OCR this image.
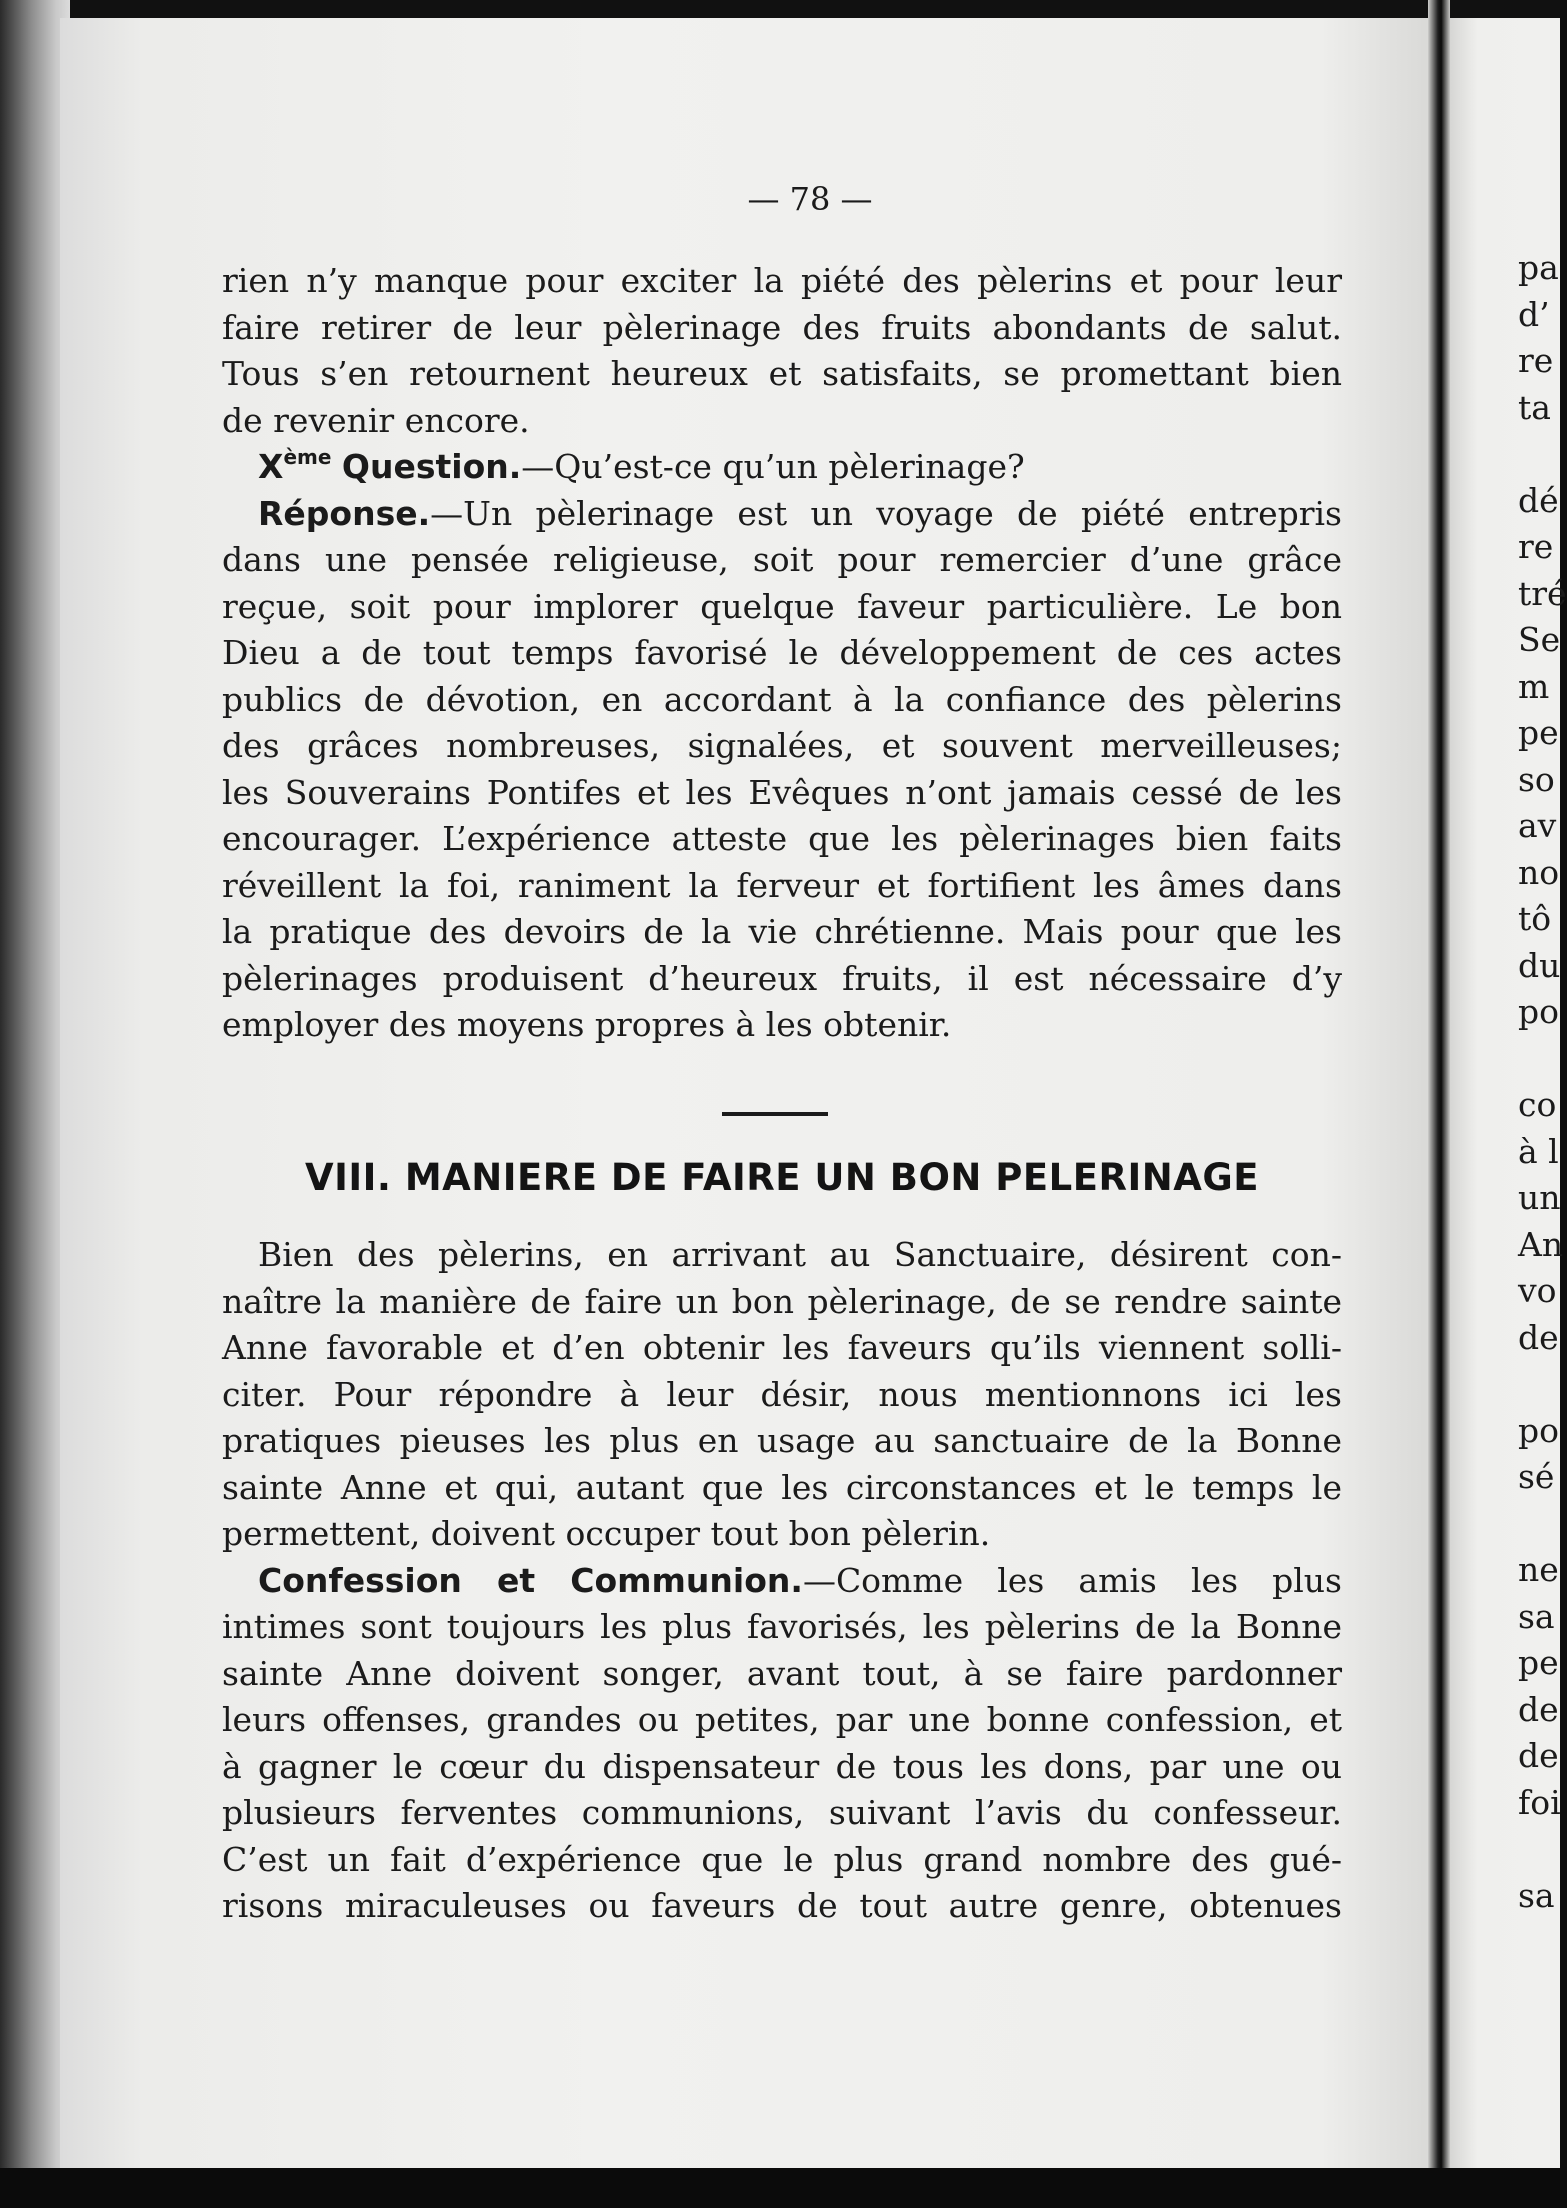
— 78 —
rien n’y manque pour exciter la piété des pèlerins et pour leur
faire retirer de leur pèlerinage des fruits abondants de salut.
Tous s’en retournent heureux et satisfaits, se promettant bien
de revenir encore.
Xème Question.—Qu’est-ce qu’un pèlerinage?
Réponse.—Un pèlerinage est un voyage de piété entrepris
dans une pensée religieuse, soit pour remercier d’une grâce
reçue, soit pour implorer quelque faveur particulière. Le bon
Dieu a de tout temps favorisé le développement de ces actes
publics de dévotion, en accordant à la confiance des pèlerins
des grâces nombreuses, signalées, et souvent merveilleuses;
les Souverains Pontifes et les Evêques n’ont jamais cessé de les
encourager. L’expérience atteste que les pèlerinages bien faits
réveillent la foi, raniment la ferveur et fortifient les âmes dans
la pratique des devoirs de la vie chrétienne. Mais pour que les
pèlerinages produisent d’heureux fruits, il est nécessaire d’y
employer des moyens propres à les obtenir.
VIII. MANIERE DE FAIRE UN BON PELERINAGE
Bien des pèlerins, en arrivant au Sanctuaire, désirent con-
naître la manière de faire un bon pèlerinage, de se rendre sainte
Anne favorable et d’en obtenir les faveurs qu’ils viennent solli-
citer. Pour répondre à leur désir, nous mentionnons ici les
pratiques pieuses les plus en usage au sanctuaire de la Bonne
sainte Anne et qui, autant que les circonstances et le temps le
permettent, doivent occuper tout bon pèlerin.
Confession et Communion.—Comme les amis les plus
intimes sont toujours les plus favorisés, les pèlerins de la Bonne
sainte Anne doivent songer, avant tout, à se faire pardonner
leurs offenses, grandes ou petites, par une bonne confession, et
à gagner le cœur du dispensateur de tous les dons, par une ou
plusieurs ferventes communions, suivant l’avis du confesseur.
C’est un fait d’expérience que le plus grand nombre des gué-
risons miraculeuses ou faveurs de tout autre genre, obtenues
pa
d’
re
ta
dé
re
tré
Se
m
pe
so
av
no
tô
du
po
co
à l
un
An
vo
de
po
sé
ne
sa
pe
de
de
foi
sa
